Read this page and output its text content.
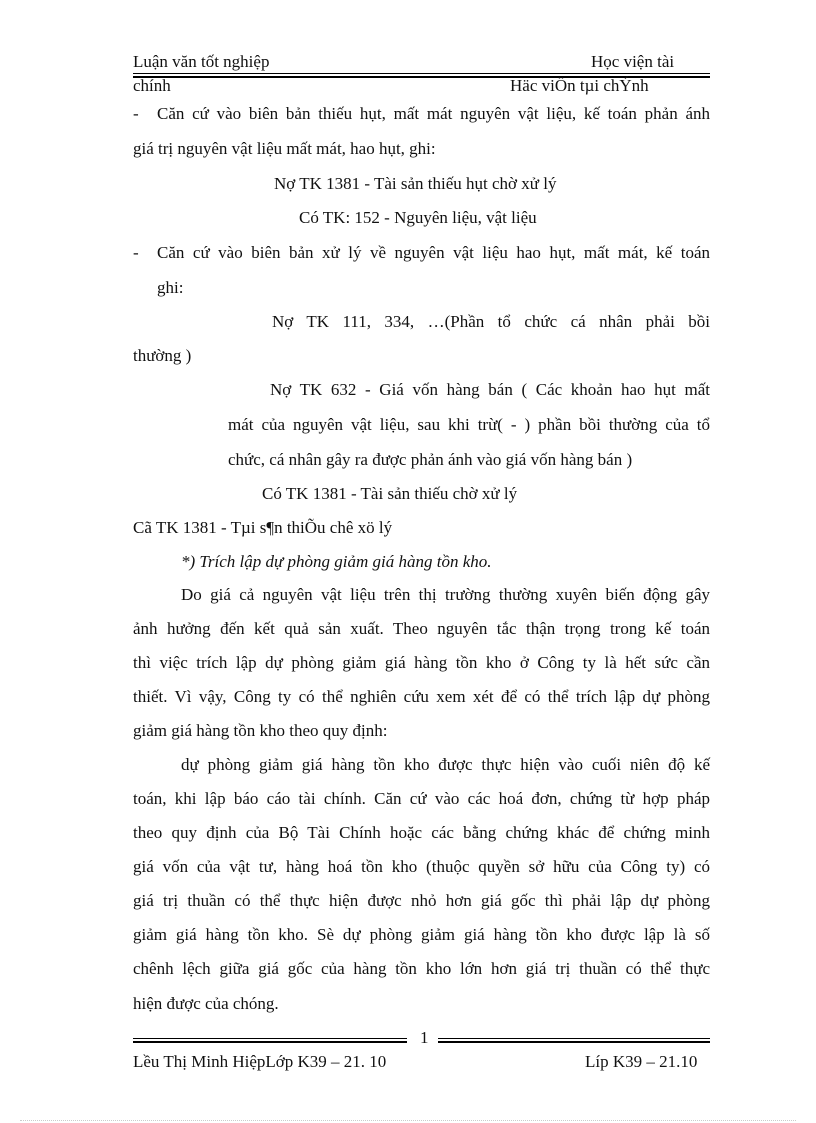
Luận văn tốt nghiệp	Học viện tài
chính	Häc viÖn tµi chÝnh
- Căn cứ vào biên bản thiếu hụt, mất mát nguyên vật liệu, kế toán phản ánh
giá trị nguyên vật liệu mất mát, hao hụt, ghi:
Nợ TK 1381 - Tài sản thiếu hụt chờ xử lý
Có TK: 152 - Nguyên liệu, vật liệu
- Căn cứ vào biên bản xử lý về nguyên vật liệu hao hụt, mất mát, kế toán
ghi:
Nợ TK 111, 334, …(Phần tổ chức cá nhân phải bồi
thường )
Nợ TK 632 - Giá vốn hàng bán ( Các khoản hao hụt mất
mát của nguyên vật liệu, sau khi trừ( - ) phần bồi thường của tổ
chức, cá nhân gây ra được phản ánh vào giá vốn hàng bán )
Có TK 1381 - Tài sản thiếu chờ xử lý
Cã TK 1381 - Tµi s¶n thiÕu chê xö lý
*) Trích lập dự phòng giảm giá hàng tồn kho.
Do giá cả nguyên vật liệu trên thị trường thường xuyên biến động gây
ảnh hưởng đến kết quả sản xuất. Theo nguyên tắc thận trọng trong kế toán
thì việc trích lập dự phòng giảm giá hàng tồn kho ở Công ty là hết sức cần
thiết. Vì vậy, Công ty có thể nghiên cứu xem xét để có thể trích lập dự phòng
giảm giá hàng tồn kho theo quy định:
dự phòng giảm giá hàng tồn kho được thực hiện vào cuối niên độ kế
toán, khi lập báo cáo tài chính. Căn cứ vào các hoá đơn, chứng từ hợp pháp
theo quy định của Bộ Tài Chính hoặc các bằng chứng khác để chứng minh
giá vốn của vật tư, hàng hoá tồn kho (thuộc quyền sở hữu của Công ty) có
giá trị thuần có thể thực hiện được nhỏ hơn giá gốc thì phải lập dự phòng
giảm giá hàng tồn kho. Sè dự phòng giảm giá hàng tồn kho được lập là số
chênh lệch giữa giá gốc của hàng tồn kho lớn hơn giá trị thuần có thể thực
hiện được của chóng.
1
Lều Thị Minh HiệpLớp K39 – 21. 10	Líp K39 – 21.10
